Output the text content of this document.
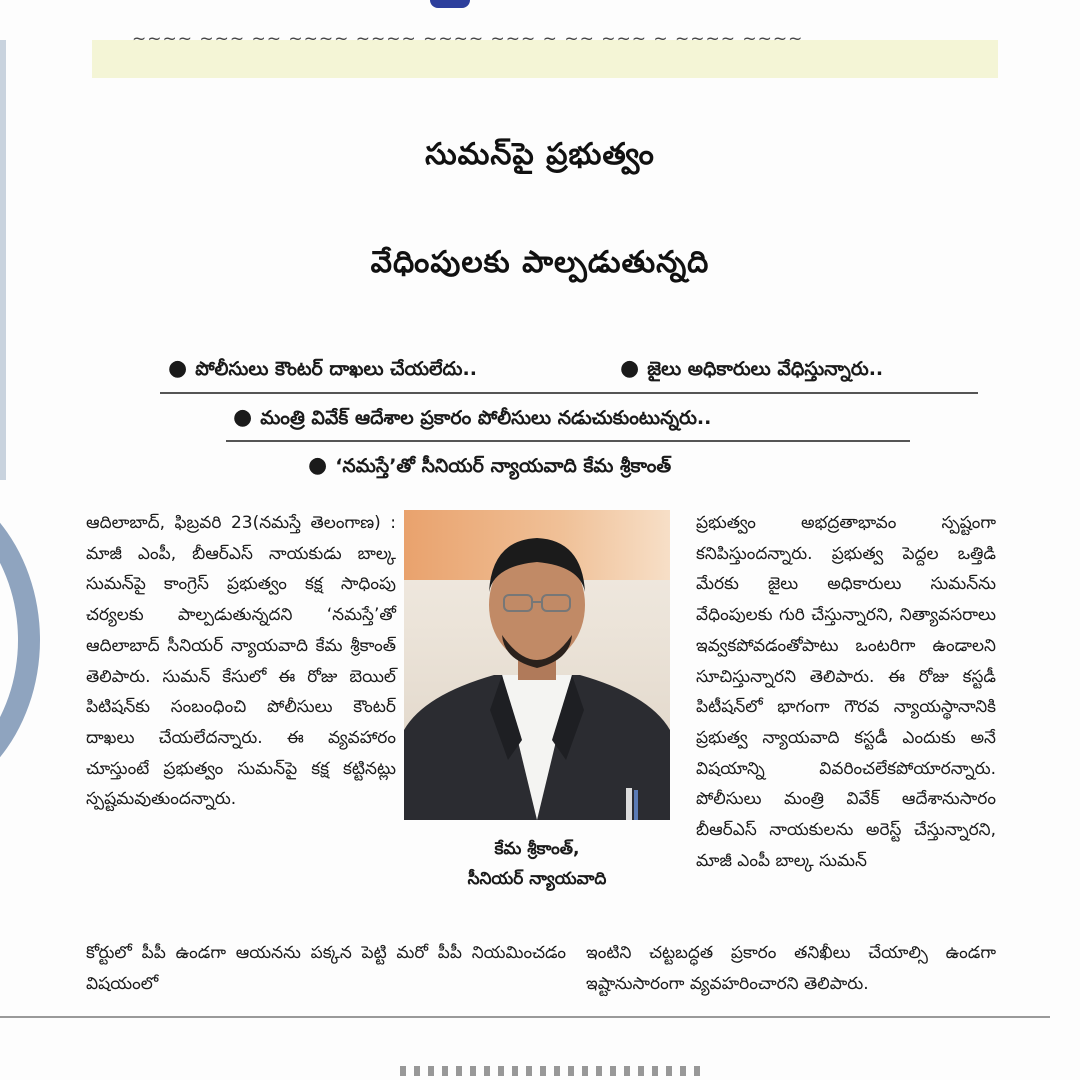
~~~~ ~~~ ~~ ~~~~ ~~~~ ~~~~ ~~~ ~ ~~ ~~~ ~ ~~~~ ~~~~
సుమన్‌పై ప్రభుత్వం
వేధింపులకు పాల్పడుతున్నది
● పోలీసులు కౌంటర్ దాఖలు చేయలేదు..	● జైలు అధికారులు వేధిస్తున్నారు..
● మంత్రి వివేక్ ఆదేశాల ప్రకారం పోలీసులు నడుచుకుంటున్నరు..
● ‘నమస్తే’తో సీనియర్ న్యాయవాది కేమ శ్రీకాంత్

ఆదిలాబాద్, ఫిబ్రవరి 23(నమస్తే తెలంగాణ) : మాజీ ఎంపీ, బీఆర్ఎస్ నాయకుడు బాల్క సుమన్‌పై కాంగ్రెస్ ప్రభుత్వం కక్ష సాధింపు చర్యలకు పాల్పడుతున్నదని ‘నమస్తే’తో ఆదిలాబాద్ సీనియర్ న్యాయవాది కేమ శ్రీకాంత్ తెలిపారు. సుమన్ కేసులో ఈ రోజు బెయిల్ పిటిషన్‌కు సంబంధించి పోలీసులు కౌంటర్ దాఖలు చేయలేదన్నారు. ఈ వ్యవహారం చూస్తుంటే ప్రభుత్వం సుమన్‌పై కక్ష కట్టినట్లు స్పష్టమవుతుందన్నారు.

కేమ శ్రీకాంత్,
సీనియర్ న్యాయవాది

ప్రభుత్వం అభద్రతాభావం స్పష్టంగా కనిపిస్తుందన్నారు. ప్రభుత్వ పెద్దల ఒత్తిడి మేరకు జైలు అధికారులు సుమన్‌ను వేధింపులకు గురి చేస్తున్నారని, నిత్యావసరాలు ఇవ్వకపోవడంతోపాటు ఒంటరిగా ఉండాలని సూచిస్తున్నారని తెలిపారు. ఈ రోజు కస్టడీ పిటీషన్‌లో భాగంగా గౌరవ న్యాయస్థానానికి ప్రభుత్వ న్యాయవాది కస్టడీ ఎందుకు అనే విషయాన్ని వివరించలేకపోయారన్నారు. పోలీసులు మంత్రి వివేక్ ఆదేశానుసారం బీఆర్ఎస్ నాయకులను అరెస్ట్ చేస్తున్నారని, మాజీ ఎంపీ బాల్క సుమన్

కోర్టులో పీపీ ఉండగా ఆయనను పక్కన పెట్టి మరో పీపీ నియమించడం విషయంలో

ఇంటిని చట్టబద్ధత ప్రకారం తనిఖీలు చేయాల్సి ఉండగా ఇష్టానుసారంగా వ్యవహరించారని తెలిపారు.
